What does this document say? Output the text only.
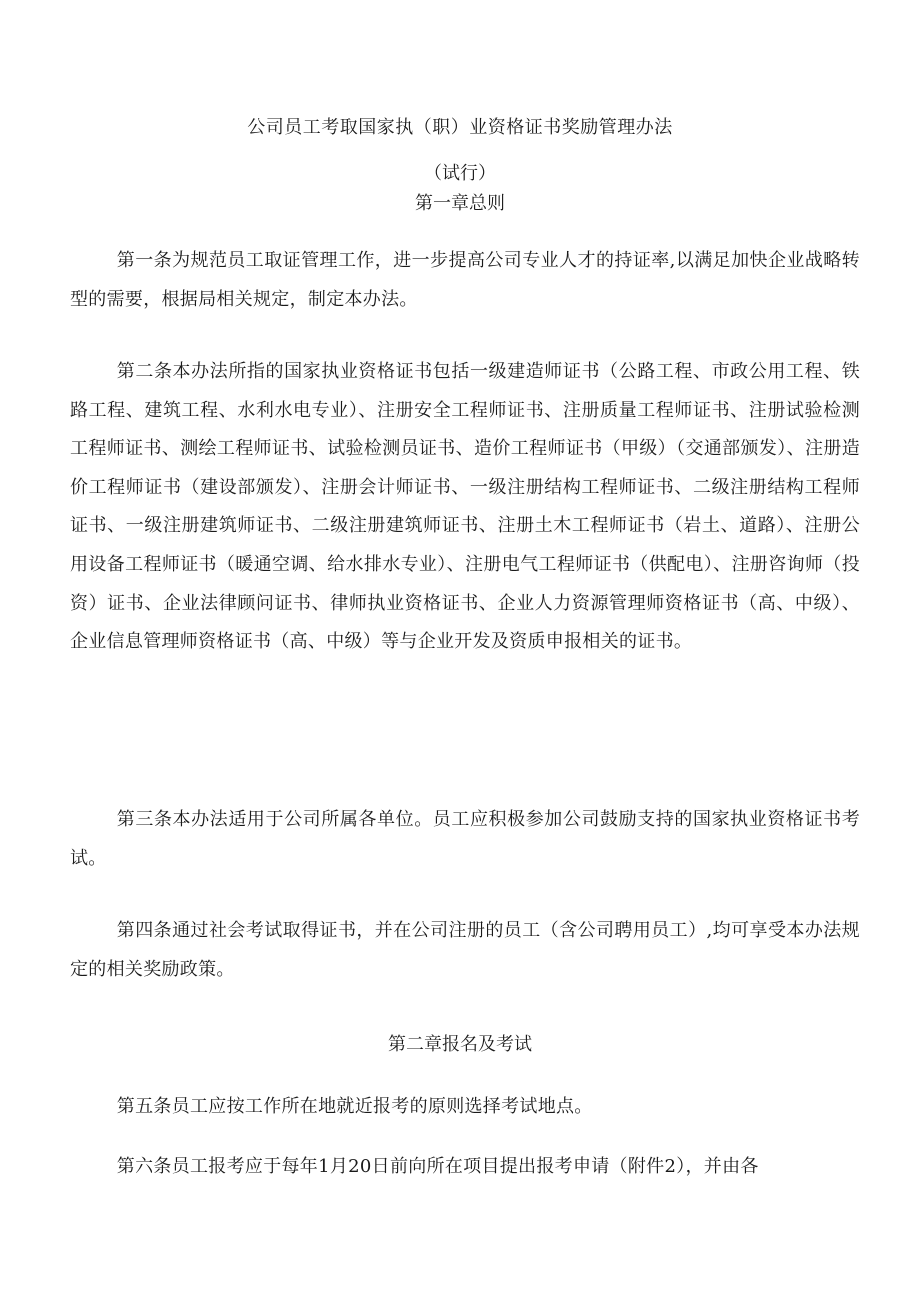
公司员工考取国家执（职）业资格证书奖励管理办法
（试行）
第一章总则

第一条为规范员工取证管理工作，进一步提高公司专业人才的持证率,以满足加快企业战略转型的需要，根据局相关规定，制定本办法。

第二条本办法所指的国家执业资格证书包括一级建造师证书（公路工程、市政公用工程、铁路工程、建筑工程、水利水电专业）、注册安全工程师证书、注册质量工程师证书、注册试验检测工程师证书、测绘工程师证书、试验检测员证书、造价工程师证书（甲级）（交通部颁发）、注册造价工程师证书（建设部颁发）、注册会计师证书、一级注册结构工程师证书、二级注册结构工程师证书、一级注册建筑师证书、二级注册建筑师证书、注册土木工程师证书（岩土、道路）、注册公用设备工程师证书（暖通空调、给水排水专业）、注册电气工程师证书（供配电）、注册咨询师（投资）证书、企业法律顾问证书、律师执业资格证书、企业人力资源管理师资格证书（高、中级）、企业信息管理师资格证书（高、中级）等与企业开发及资质申报相关的证书。

第三条本办法适用于公司所属各单位。员工应积极参加公司鼓励支持的国家执业资格证书考试。

第四条通过社会考试取得证书，并在公司注册的员工（含公司聘用员工）,均可享受本办法规定的相关奖励政策。

第二章报名及考试

第五条员工应按工作所在地就近报考的原则选择考试地点。

第六条员工报考应于每年1月20日前向所在项目提出报考申请（附件2），并由各
